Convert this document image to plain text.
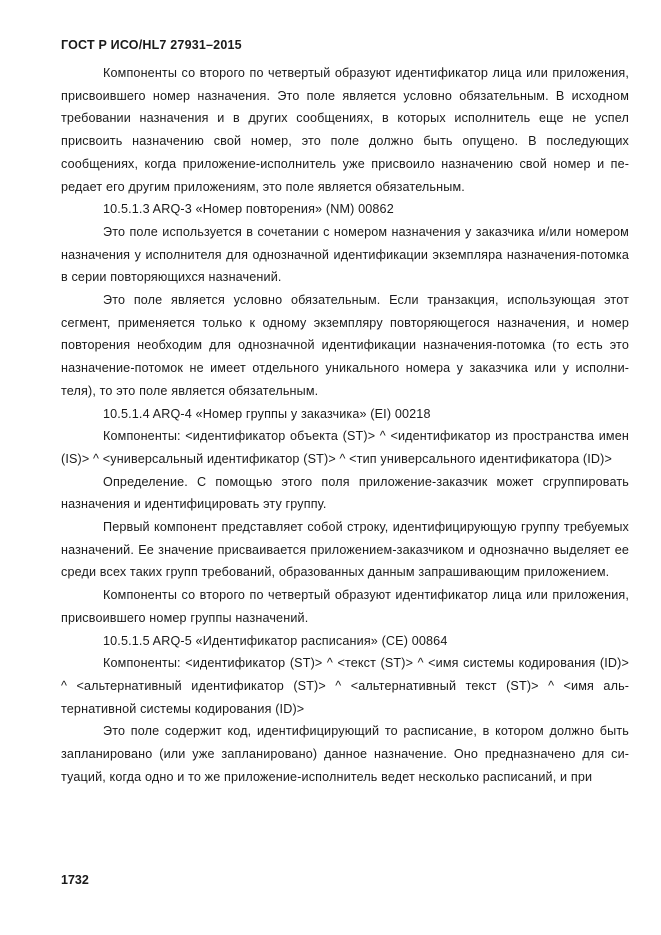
ГОСТ Р ИСО/HL7 27931–2015

Компоненты со второго по четвертый образуют идентификатор лица или приложения, присвоившего номер назначения. Это поле является условно обязательным. В исходном требовании назначения и в других сообщениях, в которых исполнитель еще не успел присвоить назначению свой номер, это поле должно быть опущено. В последующих сообщениях, когда приложение-исполнитель уже присвоило назначению свой номер и передает его другим приложениям, это поле является обязательным.

10.5.1.3 ARQ-3 «Номер повторения» (NM) 00862

Это поле используется в сочетании с номером назначения у заказчика и/или номером назначения у исполнителя для однозначной идентификации экземпляра назначения-потомка в серии повторяющихся назначений.

Это поле является условно обязательным. Если транзакция, использующая этот сегмент, применяется только к одному экземпляру повторяющегося назначения, и номер повторения необходим для однозначной идентификации назначения-потомка (то есть это назначение-потомок не имеет отдельного уникального номера у заказчика или у исполнителя), то это поле является обязательным.

10.5.1.4 ARQ-4 «Номер группы у заказчика» (EI) 00218

Компоненты: <идентификатор объекта (ST)> ^ <идентификатор из пространства имен (IS)> ^ <универсальный идентификатор (ST)> ^ <тип универсального идентификатора (ID)>

Определение. С помощью этого поля приложение-заказчик может сгруппировать назначения и идентифицировать эту группу.

Первый компонент представляет собой строку, идентифицирующую группу требуемых назначений. Ее значение присваивается приложением-заказчиком и однозначно выделяет ее среди всех таких групп требований, образованных данным запрашивающим приложением.

Компоненты со второго по четвертый образуют идентификатор лица или приложения, присвоившего номер группы назначений.

10.5.1.5 ARQ-5 «Идентификатор расписания» (CE) 00864

Компоненты: <идентификатор (ST)> ^ <текст (ST)> ^ <имя системы кодирования (ID)> ^ <альтернативный идентификатор (ST)> ^ <альтернативный текст (ST)> ^ <имя альтернативной системы кодирования (ID)>

Это поле содержит код, идентифицирующий то расписание, в котором должно быть запланировано (или уже запланировано) данное назначение. Оно предназначено для ситуаций, когда одно и то же приложение-исполнитель ведет несколько расписаний, и при

1732
